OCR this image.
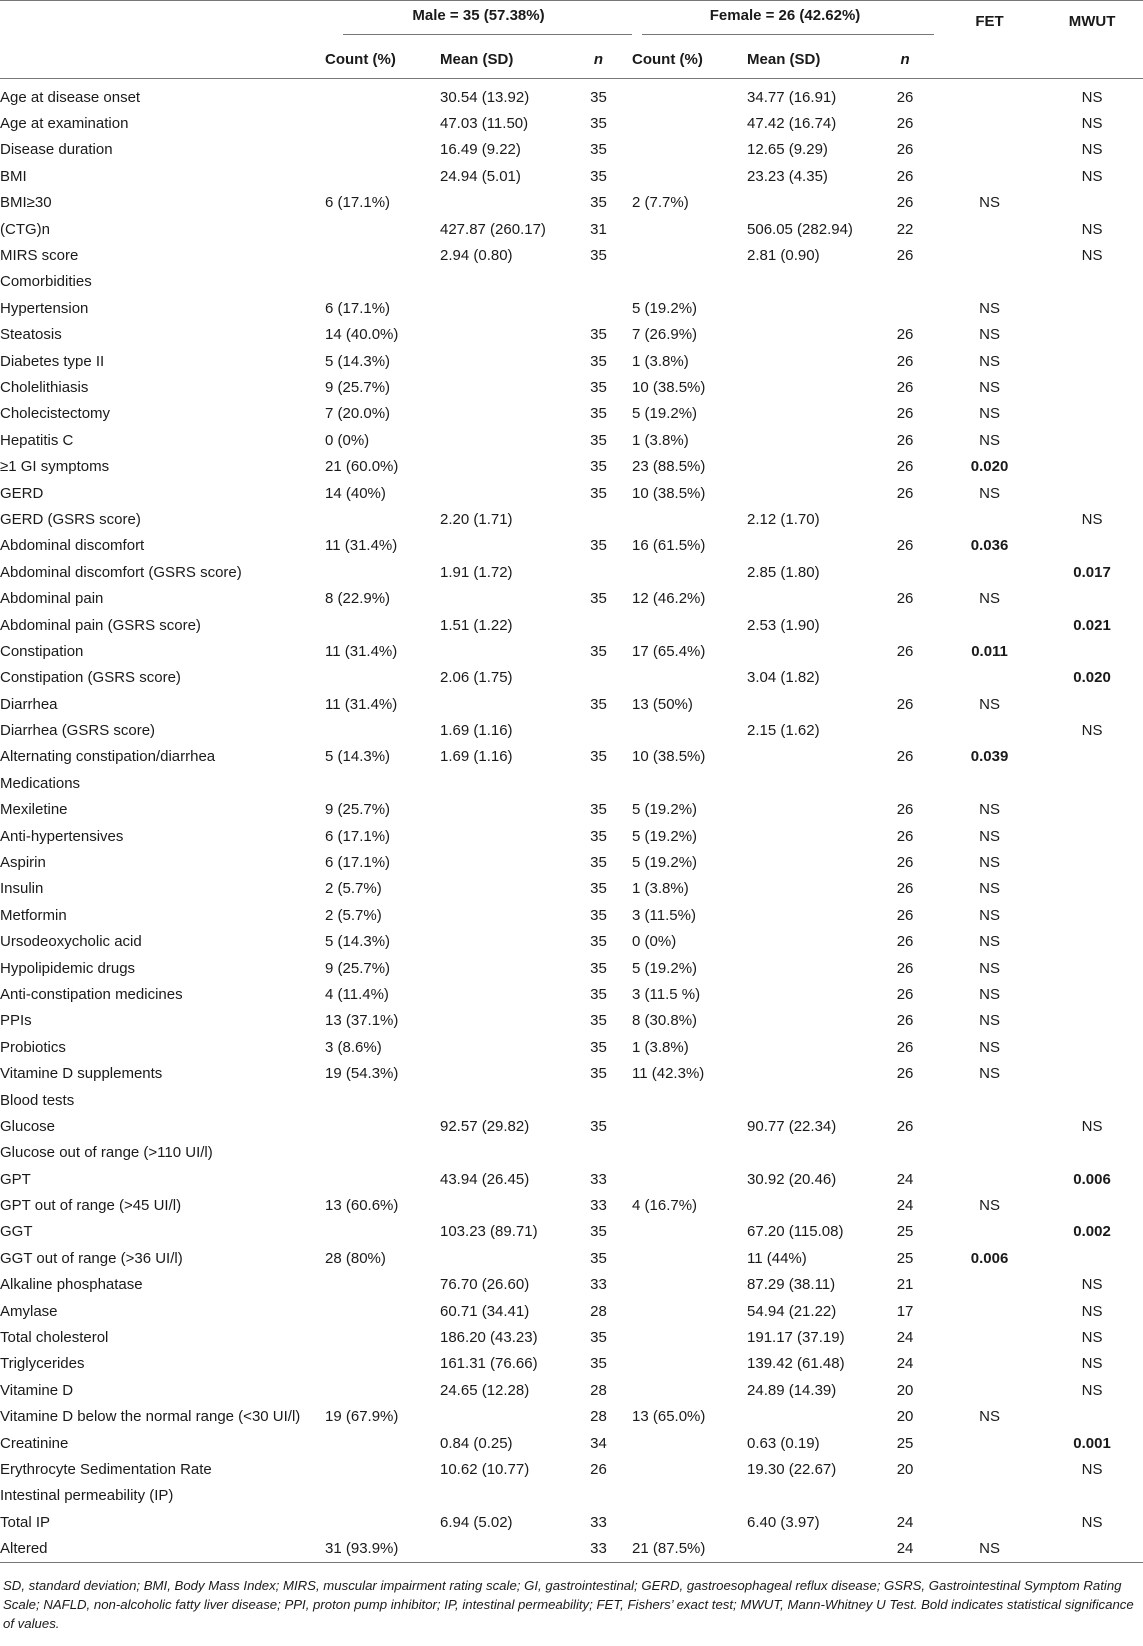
	Male = 35 (57.38%)			Female = 26 (42.62%)			FET	MWUT
	Count (%)	Mean (SD)	n	Count (%)	Mean (SD)	n		

Age at disease onset		30.54 (13.92)	35		34.77 (16.91)	26		NS
Age at examination		47.03 (11.50)	35		47.42 (16.74)	26		NS
Disease duration		16.49 (9.22)	35		12.65 (9.29)	26		NS
BMI		24.94 (5.01)	35		23.23 (4.35)	26		NS
BMI≥30	6 (17.1%)		35	2 (7.7%)		26	NS	
(CTG)n		427.87 (260.17)	31		506.05 (282.94)	22		NS
MIRS score		2.94 (0.80)	35		2.81 (0.90)	26		NS
Comorbidities								
Hypertension	6 (17.1%)			5 (19.2%)			NS	
Steatosis	14 (40.0%)		35	7 (26.9%)		26	NS	
Diabetes type II	5 (14.3%)		35	1 (3.8%)		26	NS	
Cholelithiasis	9 (25.7%)		35	10 (38.5%)		26	NS	
Cholecistectomy	7 (20.0%)		35	5 (19.2%)		26	NS	
Hepatitis C	0 (0%)		35	1 (3.8%)		26	NS	
≥1 GI symptoms	21 (60.0%)		35	23 (88.5%)		26	0.020	
GERD	14 (40%)		35	10 (38.5%)		26	NS	
GERD (GSRS score)		2.20 (1.71)			2.12 (1.70)			NS
Abdominal discomfort	11 (31.4%)		35	16 (61.5%)		26	0.036	
Abdominal discomfort (GSRS score)		1.91 (1.72)			2.85 (1.80)			0.017
Abdominal pain	8 (22.9%)		35	12 (46.2%)		26	NS	
Abdominal pain (GSRS score)		1.51 (1.22)			2.53 (1.90)			0.021
Constipation	11 (31.4%)		35	17 (65.4%)		26	0.011	
Constipation (GSRS score)		2.06 (1.75)			3.04 (1.82)			0.020
Diarrhea	11 (31.4%)		35	13 (50%)		26	NS	
Diarrhea (GSRS score)		1.69 (1.16)			2.15 (1.62)			NS
Alternating constipation/diarrhea	5 (14.3%)	1.69 (1.16)	35	10 (38.5%)		26	0.039	
Medications								
Mexiletine	9 (25.7%)		35	5 (19.2%)		26	NS	
Anti-hypertensives	6 (17.1%)		35	5 (19.2%)		26	NS	
Aspirin	6 (17.1%)		35	5 (19.2%)		26	NS	
Insulin	2 (5.7%)		35	1 (3.8%)		26	NS	
Metformin	2 (5.7%)		35	3 (11.5%)		26	NS	
Ursodeoxycholic acid	5 (14.3%)		35	0 (0%)		26	NS	
Hypolipidemic drugs	9 (25.7%)		35	5 (19.2%)		26	NS	
Anti-constipation medicines	4 (11.4%)		35	3 (11.5 %)		26	NS	
PPIs	13 (37.1%)		35	8 (30.8%)		26	NS	
Probiotics	3 (8.6%)		35	1 (3.8%)		26	NS	
Vitamine D supplements	19 (54.3%)		35	11 (42.3%)		26	NS	
Blood tests								
Glucose		92.57 (29.82)	35		90.77 (22.34)	26		NS
Glucose out of range (>110 UI/l)								
GPT		43.94 (26.45)	33		30.92 (20.46)	24		0.006
GPT out of range (>45 UI/l)	13 (60.6%)		33	4 (16.7%)		24	NS	
GGT		103.23 (89.71)	35		67.20 (115.08)	25		0.002
GGT out of range (>36 UI/l)	28 (80%)		35		11 (44%)	25	0.006	
Alkaline phosphatase		76.70 (26.60)	33		87.29 (38.11)	21		NS
Amylase		60.71 (34.41)	28		54.94 (21.22)	17		NS
Total cholesterol		186.20 (43.23)	35		191.17 (37.19)	24		NS
Triglycerides		161.31 (76.66)	35		139.42 (61.48)	24		NS
Vitamine D		24.65 (12.28)	28		24.89 (14.39)	20		NS
Vitamine D below the normal range (<30 UI/l)	19 (67.9%)		28	13 (65.0%)		20	NS	
Creatinine		0.84 (0.25)	34		0.63 (0.19)	25		0.001
Erythrocyte Sedimentation Rate		10.62 (10.77)	26		19.30 (22.67)	20		NS
Intestinal permeability (IP)								
Total IP		6.94 (5.02)	33		6.40 (3.97)	24		NS
Altered	31 (93.9%)		33	21 (87.5%)		24	NS	
SD, standard deviation; BMI, Body Mass Index; MIRS, muscular impairment rating scale; GI, gastrointestinal; GERD, gastroesophageal reflux disease; GSRS, Gastrointestinal Symptom Rating Scale; NAFLD, non-alcoholic fatty liver disease; PPI, proton pump inhibitor; IP, intestinal permeability; FET, Fishers’ exact test; MWUT, Mann-Whitney U Test. Bold indicates statistical significance of values.
